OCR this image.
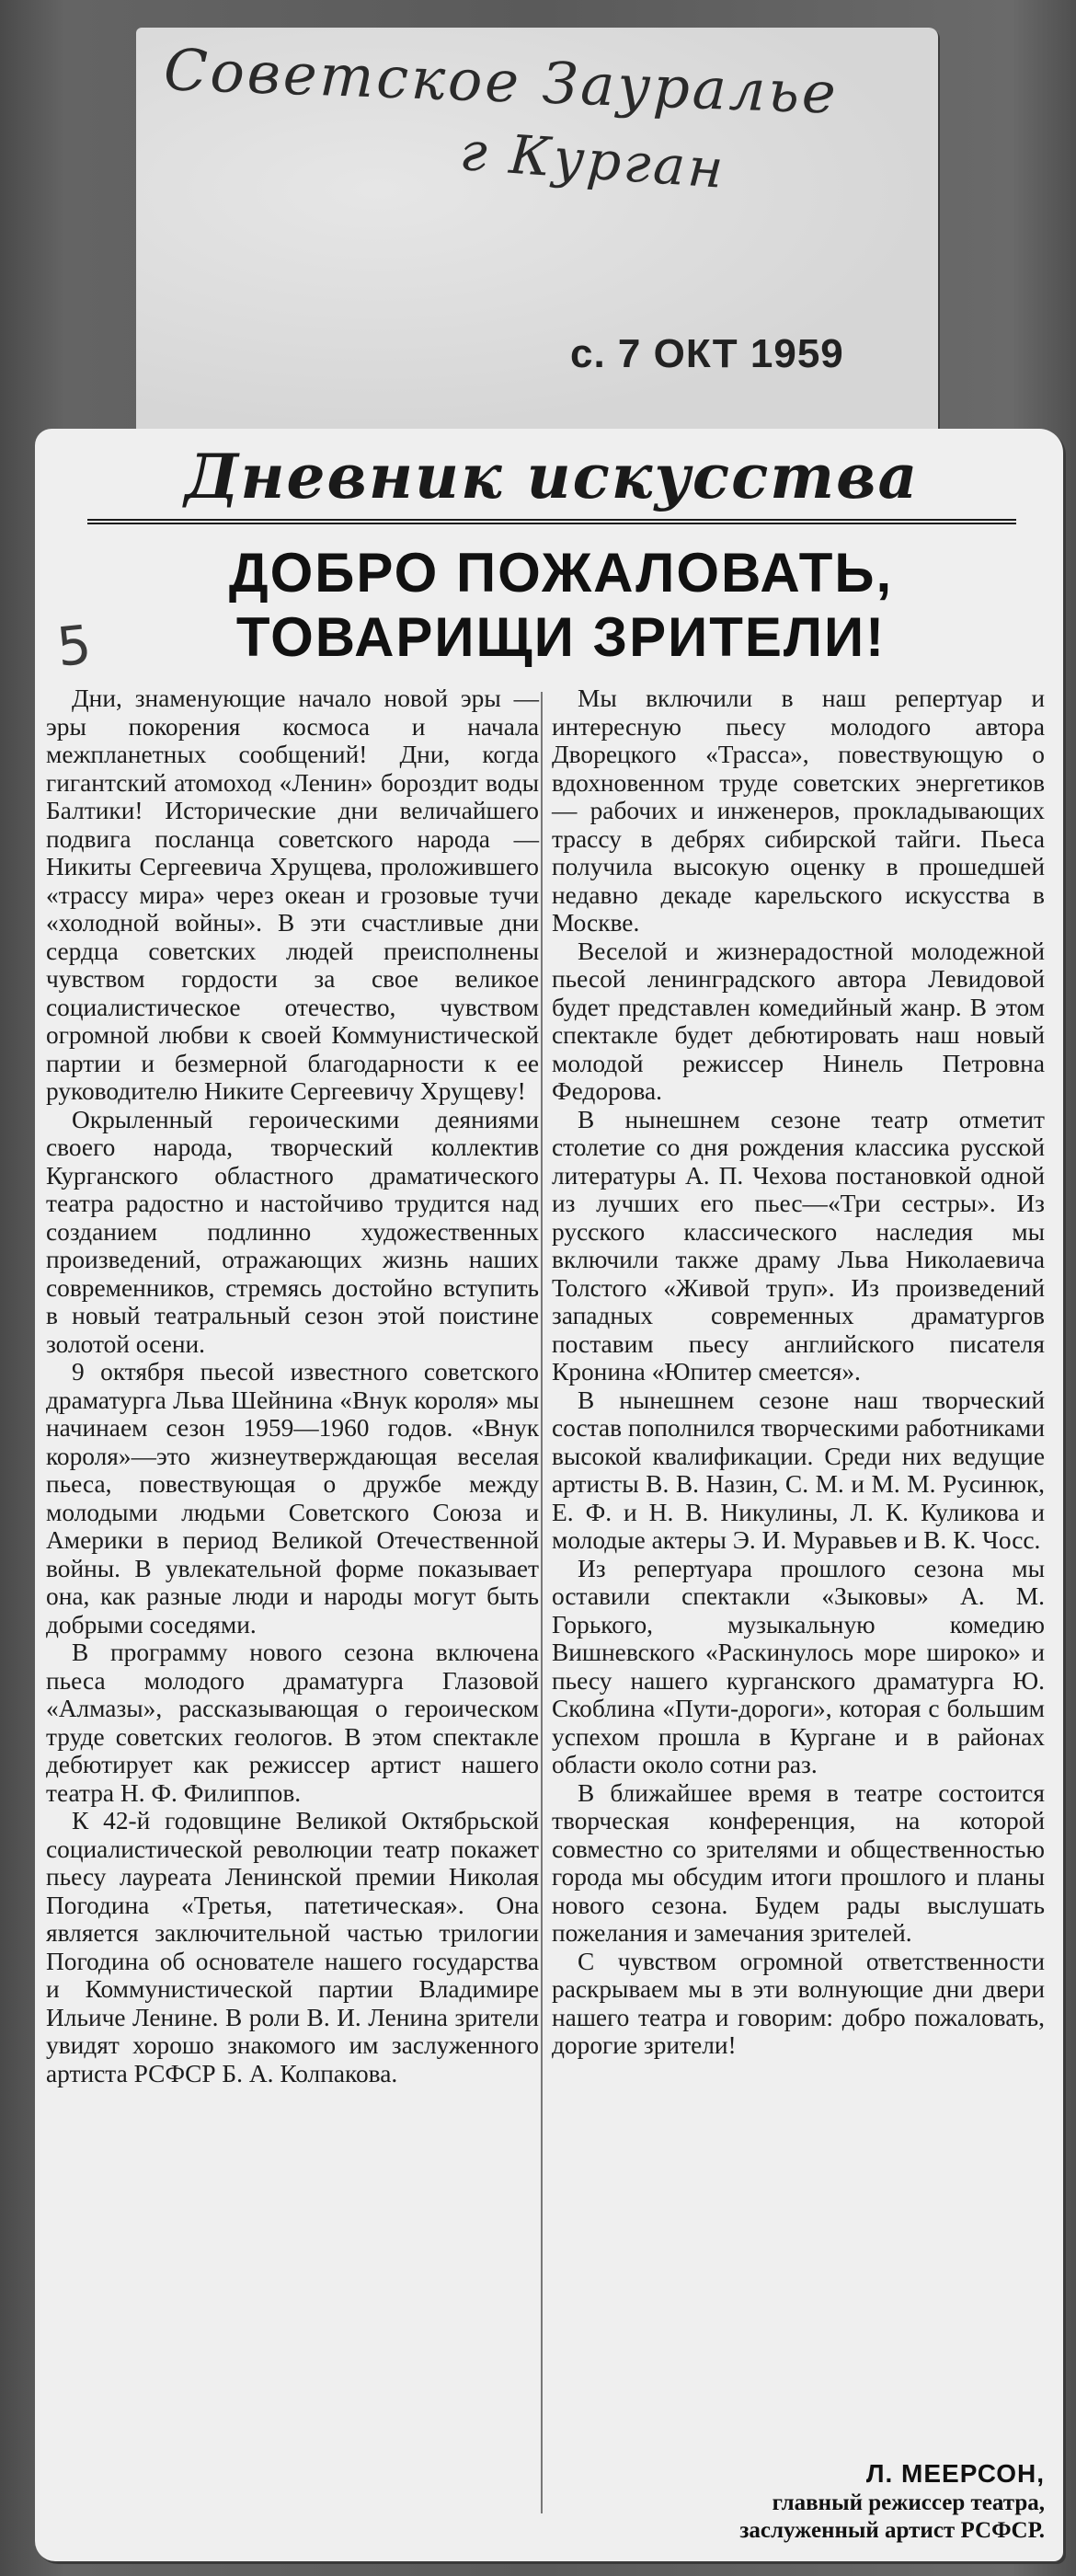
Советское Зауралье
г Курган
с. 7 ОКТ 1959
Дневник искусства
ДОБРО ПОЖАЛОВАТЬ,
ТОВАРИЩИ ЗРИТЕЛИ!
5

Дни, знаменующие начало новой эры — эры покорения космоса и начала межпланетных сообщений! Дни, когда гигантский атомоход «Ленин» бороздит воды Балтики! Исторические дни величайшего подвига посланца советского народа — Никиты Сергеевича Хрущева, проложившего «трассу мира» через океан и грозовые тучи «холодной войны». В эти счастливые дни сердца советских людей преисполнены чувством гордости за свое великое социалистическое отечество, чувством огромной любви к своей Коммунистической партии и безмерной благодарности к ее руководителю Никите Сергеевичу Хрущеву!

Окрыленный героическими деяниями своего народа, творческий коллектив Курганского областного драматического театра радостно и настойчиво трудится над созданием подлинно художественных произведений, отражающих жизнь наших современников, стремясь достойно вступить в новый театральный сезон этой поистине золотой осени.

9 октября пьесой известного советского драматурга Льва Шейнина «Внук короля» мы начинаем сезон 1959—1960 годов. «Внук короля»—это жизнеутверждающая веселая пьеса, повествующая о дружбе между молодыми людьми Советского Союза и Америки в период Великой Отечественной войны. В увлекательной форме показывает она, как разные люди и народы могут быть добрыми соседями.

В программу нового сезона включена пьеса молодого драматурга Глазовой «Алмазы», рассказывающая о героическом труде советских геологов. В этом спектакле дебютирует как режиссер артист нашего театра Н. Ф. Филиппов.

К 42-й годовщине Великой Октябрьской социалистической революции театр покажет пьесу лауреата Ленинской премии Николая Погодина «Третья, патетическая». Она является заключительной частью трилогии Погодина об основателе нашего государства и Коммунистической партии Владимире Ильиче Ленине. В роли В. И. Ленина зрители увидят хорошо знакомого им заслуженного артиста РСФСР Б. А. Колпакова.

Мы включили в наш репертуар и интересную пьесу молодого автора Дворецкого «Трасса», повествующую о вдохновенном труде советских энергетиков — рабочих и инженеров, прокладывающих трассу в дебрях сибирской тайги. Пьеса получила высокую оценку в прошедшей недавно декаде карельского искусства в Москве.

Веселой и жизнерадостной молодежной пьесой ленинградского автора Левидовой будет представлен комедийный жанр. В этом спектакле будет дебютировать наш новый молодой режиссер Нинель Петровна Федорова.

В нынешнем сезоне театр отметит столетие со дня рождения классика русской литературы А. П. Чехова постановкой одной из лучших его пьес—«Три сестры». Из русского классического наследия мы включили также драму Льва Николаевича Толстого «Живой труп». Из произведений западных современных драматургов поставим пьесу английского писателя Кронина «Юпитер смеется».

В нынешнем сезоне наш творческий состав пополнился творческими работниками высокой квалификации. Среди них ведущие артисты В. В. Назин, С. М. и М. М. Русинюк, Е. Ф. и Н. В. Никулины, Л. К. Куликова и молодые актеры Э. И. Муравьев и В. К. Чосс.

Из репертуара прошлого сезона мы оставили спектакли «Зыковы» А. М. Горького, музыкальную комедию Вишневского «Раскинулось море широко» и пьесу нашего курганского драматурга Ю. Скоблина «Пути-дороги», которая с большим успехом прошла в Кургане и в районах области около сотни раз.

В ближайшее время в театре состоится творческая конференция, на которой совместно со зрителями и общественностью города мы обсудим итоги прошлого и планы нового сезона. Будем рады выслушать пожелания и замечания зрителей.

С чувством огромной ответственности раскрываем мы в эти волнующие дни двери нашего театра и говорим: добро пожаловать, дорогие зрители!

Л. МЕЕРСОН,
главный режиссер театра,
заслуженный артист РСФСР.
